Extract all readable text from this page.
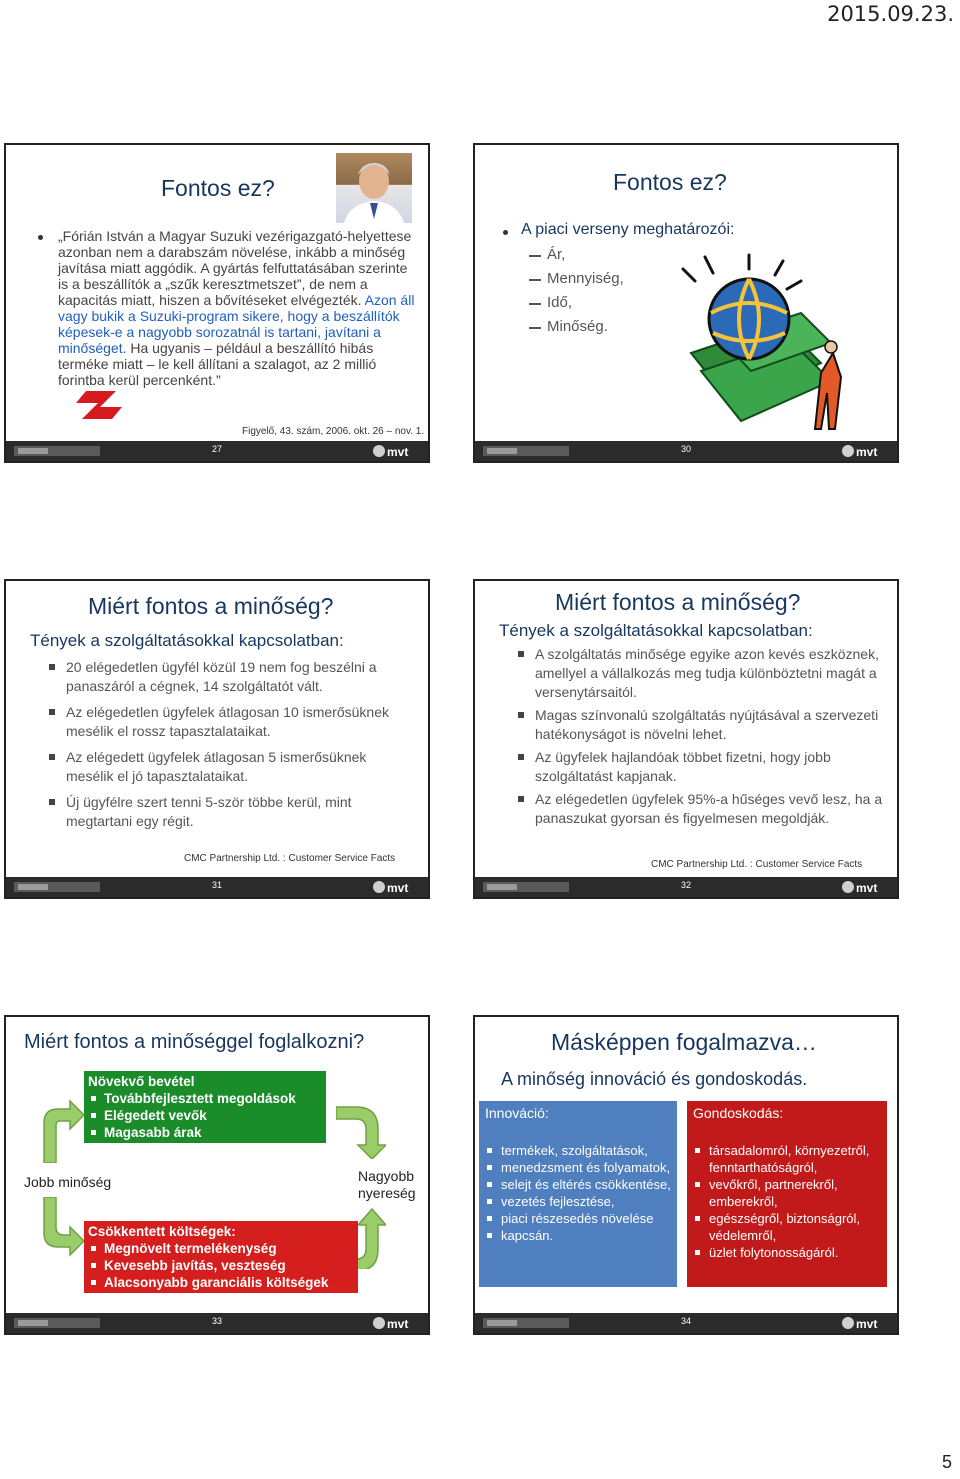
2015.09.23.
Fontos ez?
„Fórián István a Magyar Suzuki vezérigazgató-helyettese azonban nem a darabszám növelése, inkább a minőség javítása miatt aggódik. A gyártás felfuttatásában szerinte is a beszállítók a „szűk keresztmetszet”, de nem a kapacitás miatt, hiszen a bővítéseket elvégezték. Azon áll vagy bukik a Suzuki-program sikere, hogy a beszállítók képesek-e a nagyobb sorozatnál is tartani, javítani a minőséget. Ha ugyanis – például a beszállító hibás terméke miatt – le kell állítani a szalagot, az 2 millió forintba kerül percenként.”
Figyelő, 43. szám, 2006. okt. 26 – nov. 1.
27	mvt
Fontos ez?
A piaci verseny meghatározói:
Ár,
Mennyiség,
Idő,
Minőség.
30	mvt
Miért fontos a minőség?
Tények a szolgáltatásokkal kapcsolatban:
20 elégedetlen ügyfél közül 19 nem fog beszélni a panaszáról a cégnek, 14 szolgáltatót vált.
Az elégedetlen ügyfelek átlagosan 10 ismerősüknek mesélik el rossz tapasztalataikat.
Az elégedett ügyfelek átlagosan 5 ismerősüknek mesélik el jó tapasztalataikat.
Új ügyfélre szert tenni 5-ször többe kerül, mint megtartani egy régit.
CMC Partnership Ltd. : Customer Service Facts
31	mvt
Miért fontos a minőség?
Tények a szolgáltatásokkal kapcsolatban:
A szolgáltatás minősége egyike azon kevés eszköznek, amellyel a vállalkozás meg tudja különböztetni magát a versenytársaitól.
Magas színvonalú szolgáltatás nyújtásával a szervezeti hatékonyságot is növelni lehet.
Az ügyfelek hajlandóak többet fizetni, hogy jobb szolgáltatást kapjanak.
Az elégedetlen ügyfelek 95%-a hűséges vevő lesz, ha a panaszukat gyorsan és figyelmesen megoldják.
CMC Partnership Ltd. : Customer Service Facts
32	mvt
Miért fontos a minőséggel foglalkozni?
Növekvő bevétel
Továbbfejlesztett megoldások
Elégedett vevők
Magasabb árak
Jobb minőség	Nagyobb nyereség
Csökkentett költségek:
Megnövelt termelékenység
Kevesebb javítás, veszteség
Alacsonyabb garanciális költségek
33	mvt
Másképpen fogalmazva…
A minőség innováció és gondoskodás.
Innováció:
termékek, szolgáltatások,
menedzsment és folyamatok,
selejt és eltérés csökkentése,
vezetés fejlesztése,
piaci részesedés növelése
kapcsán.
Gondoskodás:
társadalomról, környezetről, fenntarthatóságról,
vevőkről, partnerekről, emberekről,
egészségről, biztonságról, védelemről,
üzlet folytonosságáról.
34	mvt
5
